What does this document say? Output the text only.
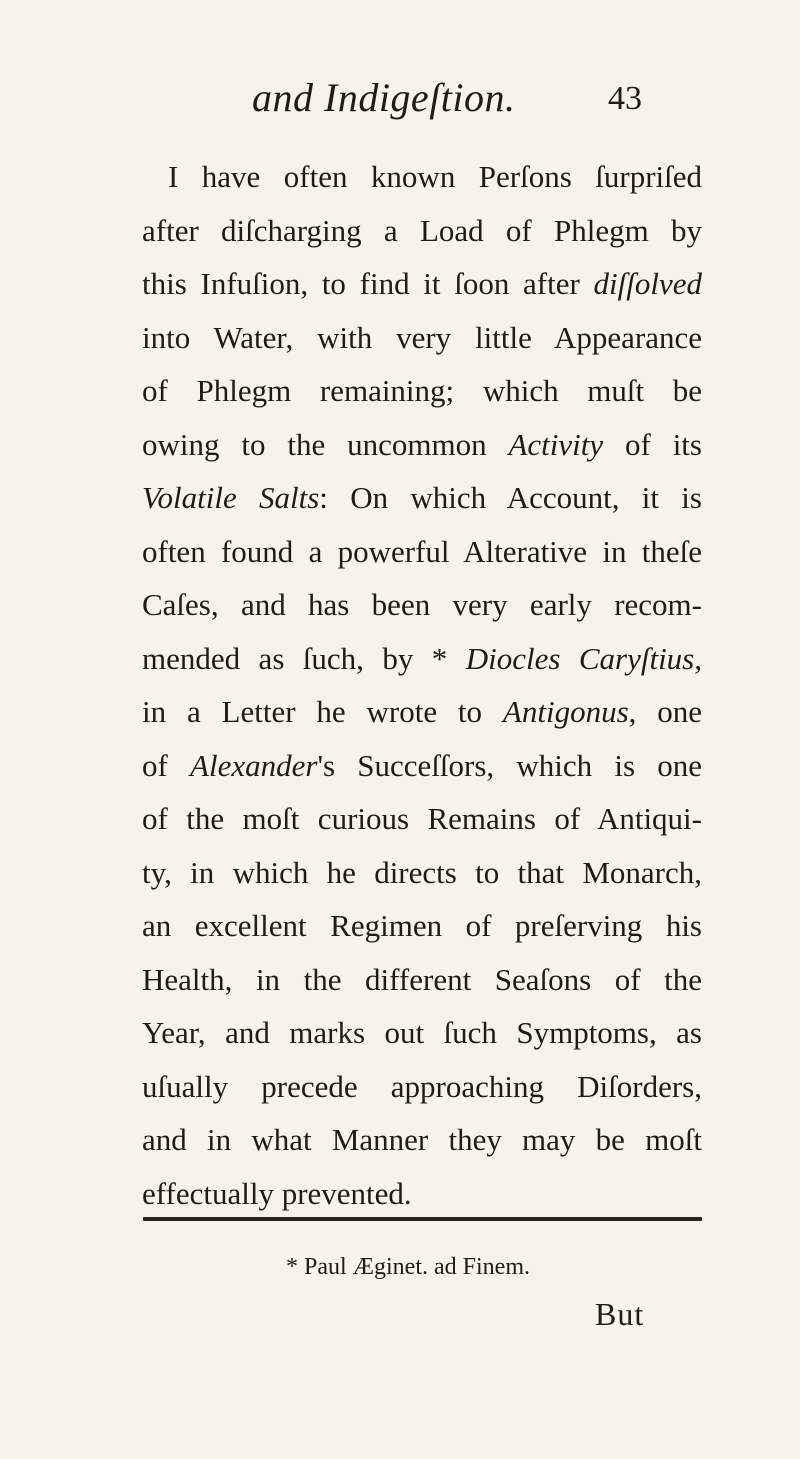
and Indigeſtion.	43
I have often known Perſons ſurpriſed
after diſcharging a Load of Phlegm by
this Infuſion, to find it ſoon after diſſolved
into Water, with very little Appearance
of Phlegm remaining; which muſt be
owing to the uncommon Activity of its
Volatile Salts: On which Account, it is
often found a powerful Alterative in theſe
Caſes, and has been very early recom-
mended as ſuch, by * Diocles Caryſtius,
in a Letter he wrote to Antigonus, one
of Alexander's Succeſſors, which is one
of the moſt curious Remains of Antiqui-
ty, in which he directs to that Monarch,
an excellent Regimen of preſerving his
Health, in the different Seaſons of the
Year, and marks out ſuch Symptoms, as
uſually precede approaching Diſorders,
and in what Manner they may be moſt
effectually prevented.
* Paul Æginet. ad Finem.
But
